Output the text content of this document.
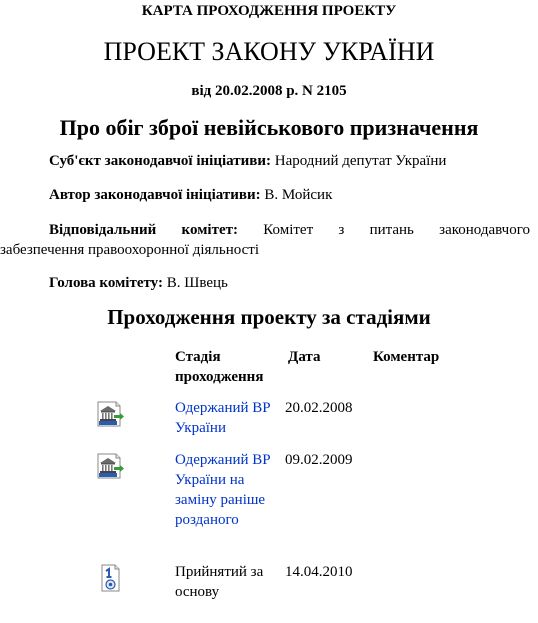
КАРТА ПРОХОДЖЕННЯ ПРОЕКТУ
ПРОЕКТ ЗАКОНУ УКРАЇНИ
від 20.02.2008 р. N 2105
Про обіг зброї невійськового призначення
Суб'єкт законодавчої ініціативи: Народний депутат України
Автор законодавчої ініціативи: В. Мойсик
Відповідальний комітет: Комітет з питань законодавчого
забезпечення правоохоронної діяльності
Голова комітету: В. Швець
Проходження проекту за стадіями
Стадія проходження
Дата	Коментар
Одержаний ВР України
20.02.2008
Одержаний ВР України на заміну раніше розданого
09.02.2009
Прийнятий за основу
14.04.2010
